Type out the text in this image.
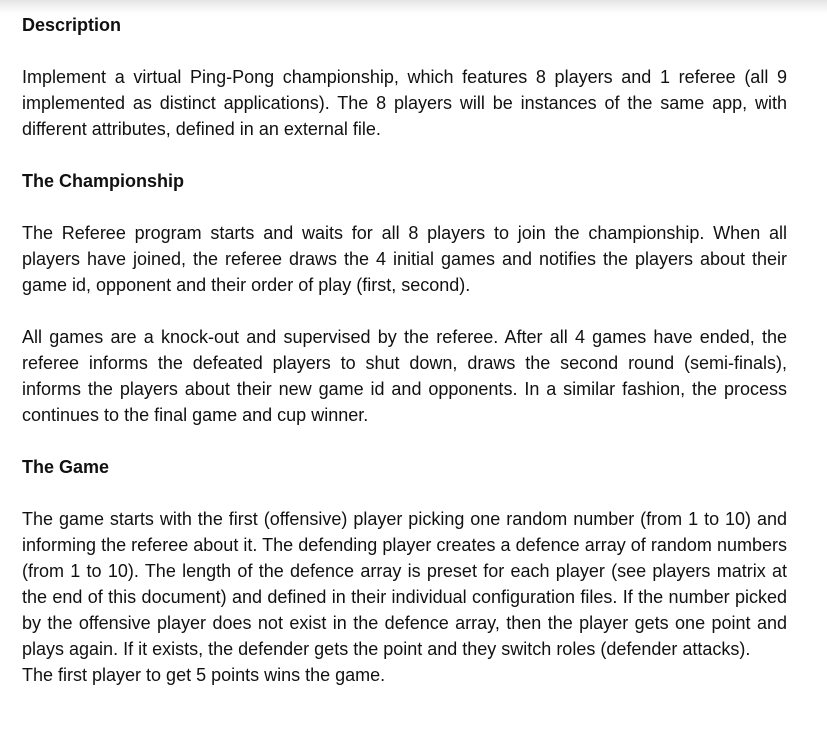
Description

Implement a virtual Ping-Pong championship, which features 8 players and 1 referee (all 9 implemented as distinct applications). The 8 players will be instances of the same app, with different attributes, defined in an external file.

The Championship

The Referee program starts and waits for all 8 players to join the championship. When all players have joined, the referee draws the 4 initial games and notifies the players about their game id, opponent and their order of play (first, second).

All games are a knock-out and supervised by the referee. After all 4 games have ended, the referee informs the defeated players to shut down, draws the second round (semi-finals), informs the players about their new game id and opponents. In a similar fashion, the process continues to the final game and cup winner.

The Game

The game starts with the first (offensive) player picking one random number (from 1 to 10) and informing the referee about it. The defending player creates a defence array of random numbers (from 1 to 10). The length of the defence array is preset for each player (see players matrix at the end of this document) and defined in their individual configuration files. If the number picked by the offensive player does not exist in the defence array, then the player gets one point and plays again. If it exists, the defender gets the point and they switch roles (defender attacks).

The first player to get 5 points wins the game.
